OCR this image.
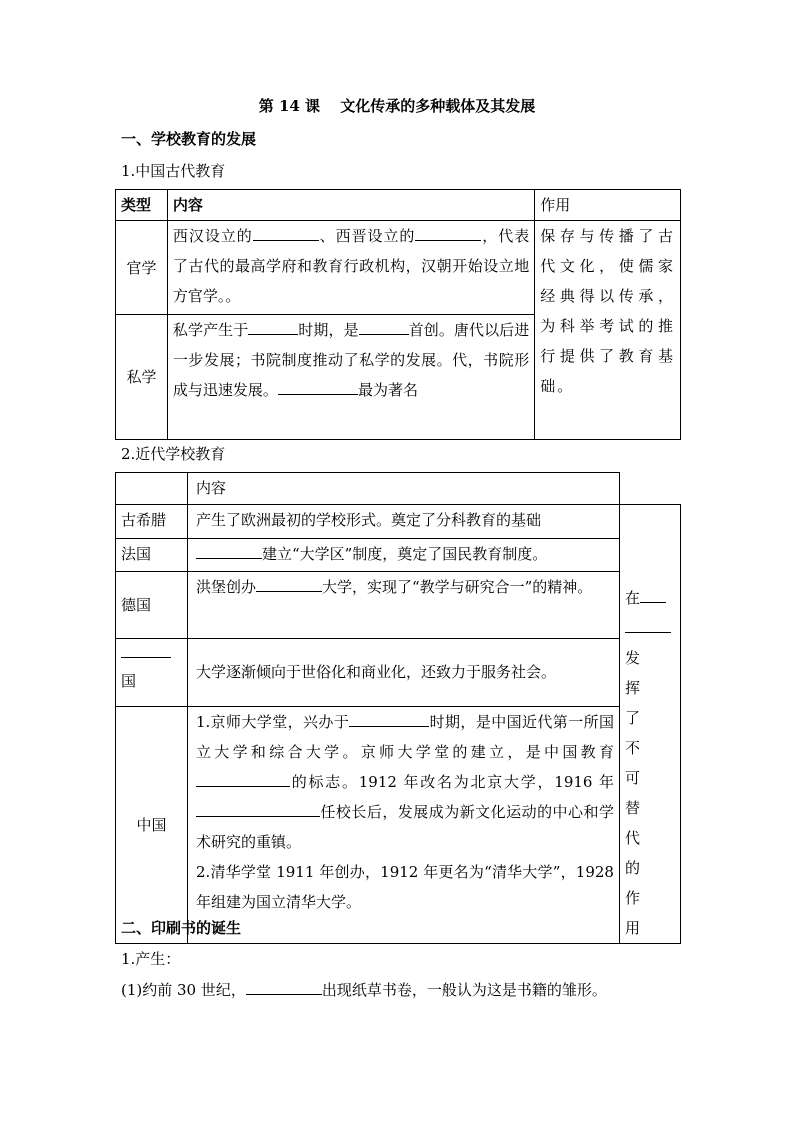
第 14 课　 文化传承的多种载体及其发展
一、学校教育的发展
1.中国古代教育
类型	内容	作用
官学	西汉设立的 、西晋设立的 ，代表了古代的最高学府和教育行政机构，汉朝开始设立地方官学。。	保存与传播了古代文化，使儒家经典得以传承，为科举考试的推行提供了教育基础。
私学	私学产生于 时期，是 首创。唐代以后进一步发展；书院制度推动了私学的发展。代，书院形成与迅速发展。 最为著名	
2.近代学校教育
	内容
古希腊	产生了欧洲最初的学校形式。奠定了分科教育的基础	在

发挥了不可替代的作用

法国	建立“大学区”制度，奠定了国民教育制度。	
德国	洪堡创办 大学，实现了“教学与研究合一”的精神。	

国	大学逐渐倾向于世俗化和商业化，还致力于服务社会。	
中国	1.京师大学堂，兴办于 时期，是中国近代第一所国立大学和综合大学。京师大学堂的建立，是中国教育的标志。1912 年改名为北京大学，1916 年任校长后，发展成为新文化运动的中心和学术研究的重镇。
2.清华学堂 1911 年创办，1912 年更名为“清华大学”，1928 年组建为国立清华大学。	
二、印刷书的诞生
1.产生：
(1)约前 30 世纪，	出现纸草书卷，一般认为这是书籍的雏形。
